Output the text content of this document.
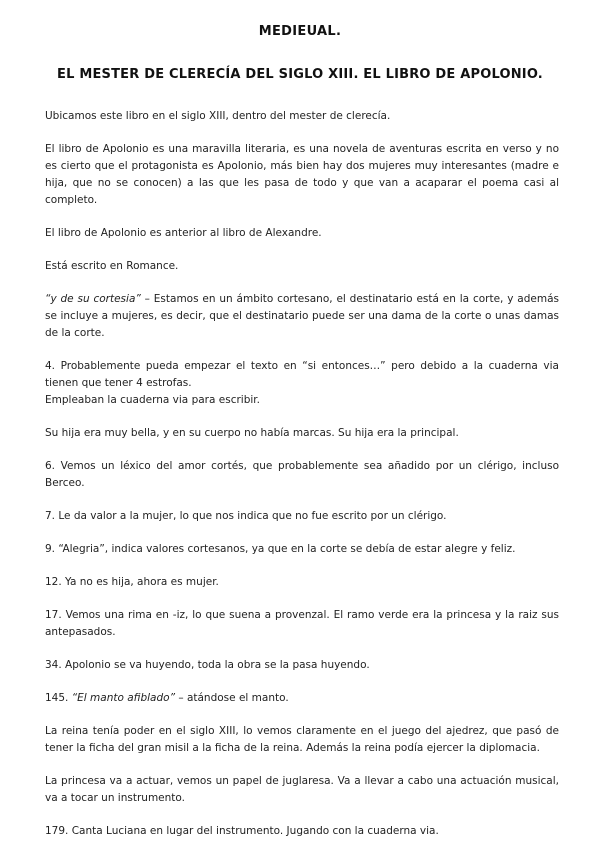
MEDIEUAL.
EL MESTER DE CLERECÍA DEL SIGLO XIII. EL LIBRO DE APOLONIO.

Ubicamos este libro en el siglo XIII, dentro del mester de clerecía.

El libro de Apolonio es una maravilla literaria, es una novela de aventuras escrita en verso y no es cierto que el protagonista es Apolonio, más bien hay dos mujeres muy interesantes (madre e hija, que no se conocen) a las que les pasa de todo y que van a acaparar el poema casi al completo.

El libro de Apolonio es anterior al libro de Alexandre.

Está escrito en Romance.

“y de su cortesia” – Estamos en un ámbito cortesano, el destinatario está en la corte, y además se incluye a mujeres, es decir, que el destinatario puede ser una dama de la corte o unas damas de la corte.

4. Probablemente pueda empezar el texto en “si entonces…” pero debido a la cuaderna via tienen que tener 4 estrofas.

Empleaban la cuaderna via para escribir.

Su hija era muy bella, y en su cuerpo no había marcas. Su hija era la principal.

6. Vemos un léxico del amor cortés, que probablemente sea añadido por un clérigo, incluso Berceo.

7. Le da valor a la mujer, lo que nos indica que no fue escrito por un clérigo.

9. “Alegria”, indica valores cortesanos, ya que en la corte se debía de estar alegre y feliz.

12. Ya no es hija, ahora es mujer.

17. Vemos una rima en -iz, lo que suena a provenzal. El ramo verde era la princesa y la raiz sus antepasados.

34. Apolonio se va huyendo, toda la obra se la pasa huyendo.

145. “El manto afiblado” – atándose el manto.

La reina tenía poder en el siglo XIII, lo vemos claramente en el juego del ajedrez, que pasó de tener la ficha del gran misil a la ficha de la reina. Además la reina podía ejercer la diplomacia.

La princesa va a actuar, vemos un papel de juglaresa. Va a llevar a cabo una actuación musical, va a tocar un instrumento.

179. Canta Luciana en lugar del instrumento. Jugando con la cuaderna via.
